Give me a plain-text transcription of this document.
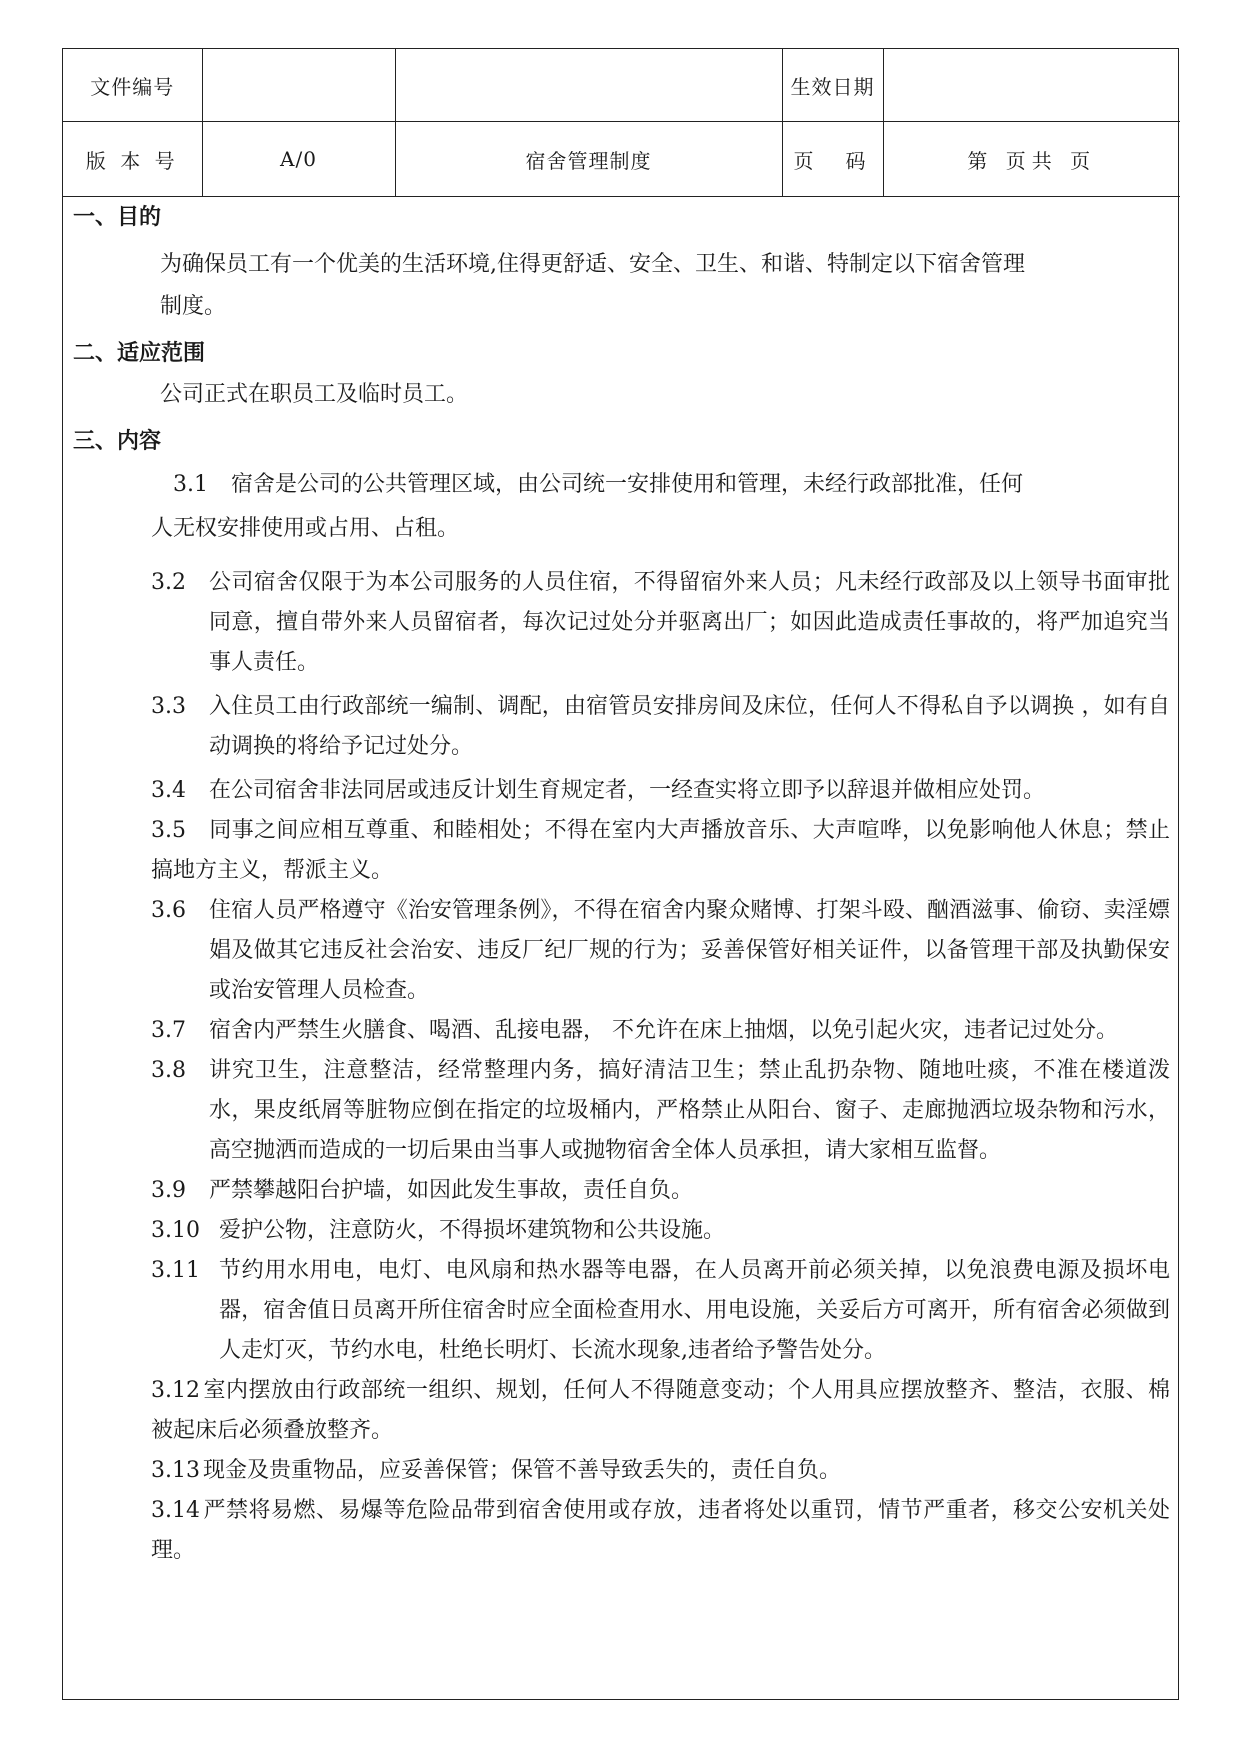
文件编号			生效日期	
版 本 号	A/0	宿舍管理制度	页　码	第 页共 页
一、目的
为确保员工有一个优美的生活环境,住得更舒适、安全、卫生、和谐、特制定以下宿舍管理
制度。
二、适应范围
公司正式在职员工及临时员工。
三、内容
3.1	宿舍是公司的公共管理区域，由公司统一安排使用和管理，未经行政部批准，任何
人无权安排使用或占用、占租。
3.2	公司宿舍仅限于为本公司服务的人员住宿，不得留宿外来人员；凡未经行政部及以上领导书面审批同意，擅自带外来人员留宿者，每次记过处分并驱离出厂；如因此造成责任事故的，将严加追究当事人责任。
3.3	入住员工由行政部统一编制、调配，由宿管员安排房间及床位，任何人不得私自予以调换 ，如有自动调换的将给予记过处分。
3.4	在公司宿舍非法同居或违反计划生育规定者，一经查实将立即予以辞退并做相应处罚。
3.5 同事之间应相互尊重、和睦相处；不得在室内大声播放音乐、大声喧哗，以免影响他人休息；禁止搞地方主义，帮派主义。
3.6	住宿人员严格遵守《治安管理条例》，不得在宿舍内聚众赌博、打架斗殴、酗酒滋事、偷窃、卖淫嫖娼及做其它违反社会治安、违反厂纪厂规的行为；妥善保管好相关证件，以备管理干部及执勤保安或治安管理人员检查。
3.7 宿舍内严禁生火膳食、喝酒、乱接电器， 不允许在床上抽烟，以免引起火灾，违者记过处分。
3.8	讲究卫生，注意整洁，经常整理内务，搞好清洁卫生；禁止乱扔杂物、随地吐痰，不准在楼道泼水，果皮纸屑等脏物应倒在指定的垃圾桶内，严格禁止从阳台、窗子、走廊抛洒垃圾杂物和污水，高空抛洒而造成的一切后果由当事人或抛物宿舍全体人员承担，请大家相互监督。
3.9	严禁攀越阳台护墙，如因此发生事故，责任自负。
3.10 爱护公物，注意防火，不得损坏建筑物和公共设施。
3.11 节约用水用电，电灯、电风扇和热水器等电器，在人员离开前必须关掉，以免浪费电源及损坏电器，宿舍值日员离开所住宿舍时应全面检查用水、用电设施，关妥后方可离开，所有宿舍必须做到人走灯灭，节约水电，杜绝长明灯、长流水现象,违者给予警告处分。
3.12 室内摆放由行政部统一组织、规划，任何人不得随意变动；个人用具应摆放整齐、整洁，衣服、棉被起床后必须叠放整齐。
3.13 现金及贵重物品，应妥善保管；保管不善导致丢失的，责任自负。
3.14 严禁将易燃、易爆等危险品带到宿舍使用或存放，违者将处以重罚，情节严重者，移交公安机关处理。
